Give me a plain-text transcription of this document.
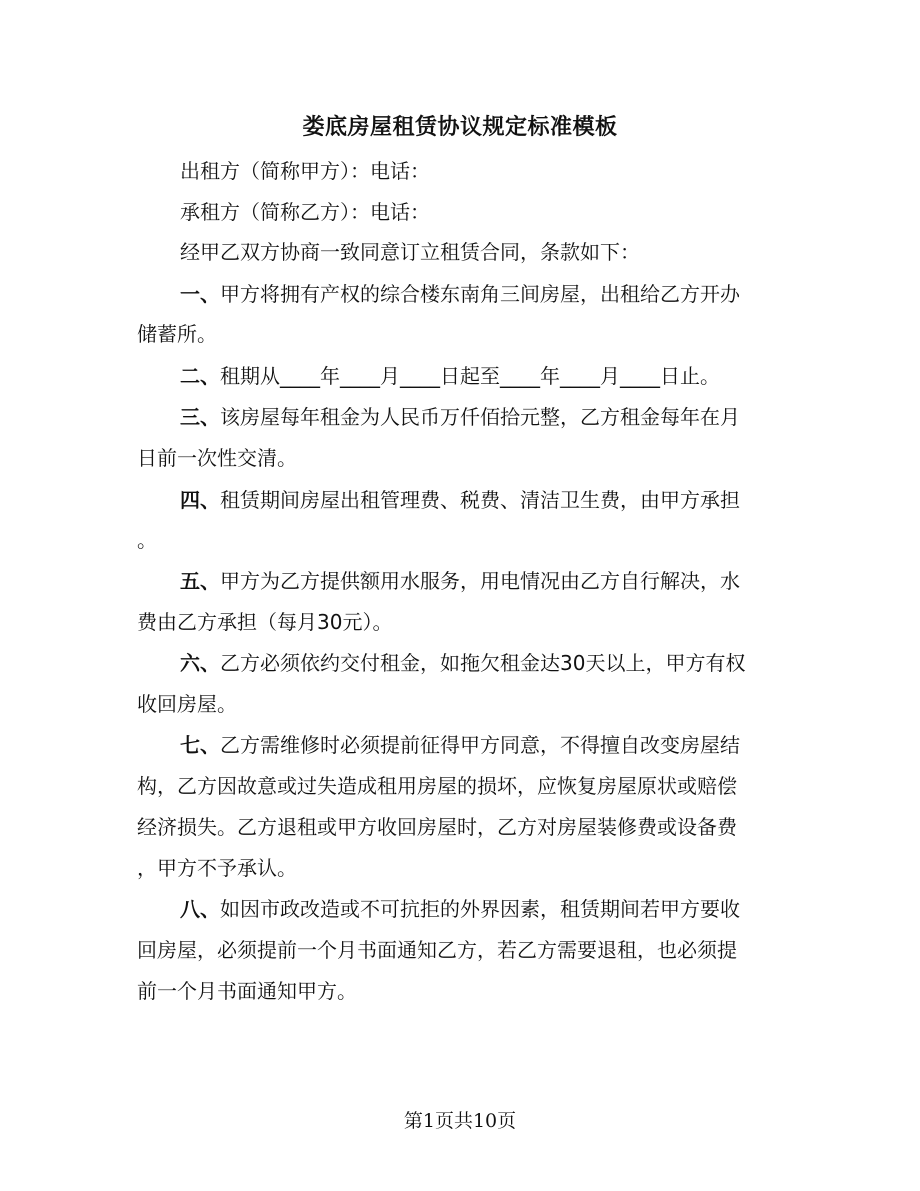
娄底房屋租赁协议规定标准模板
出租方（简称甲方）：电话：
承租方（简称乙方）：电话：
经甲乙双方协商一致同意订立租赁合同，条款如下：
一、甲方将拥有产权的综合楼东南角三间房屋，出租给乙方开办
储蓄所。
二、租期从____年____月____日起至____年____月____日止。
三、该房屋每年租金为人民币万仟佰拾元整，乙方租金每年在月
日前一次性交清。
四、租赁期间房屋出租管理费、税费、清洁卫生费，由甲方承担
。
五、甲方为乙方提供额用水服务，用电情况由乙方自行解决，水
费由乙方承担（每月30元）。
六、乙方必须依约交付租金，如拖欠租金达30天以上，甲方有权
收回房屋。
七、乙方需维修时必须提前征得甲方同意，不得擅自改变房屋结
构，乙方因故意或过失造成租用房屋的损坏，应恢复房屋原状或赔偿
经济损失。乙方退租或甲方收回房屋时，乙方对房屋装修费或设备费
，甲方不予承认。
八、如因市政改造或不可抗拒的外界因素，租赁期间若甲方要收
回房屋，必须提前一个月书面通知乙方，若乙方需要退租，也必须提
前一个月书面通知甲方。
第1页共10页
